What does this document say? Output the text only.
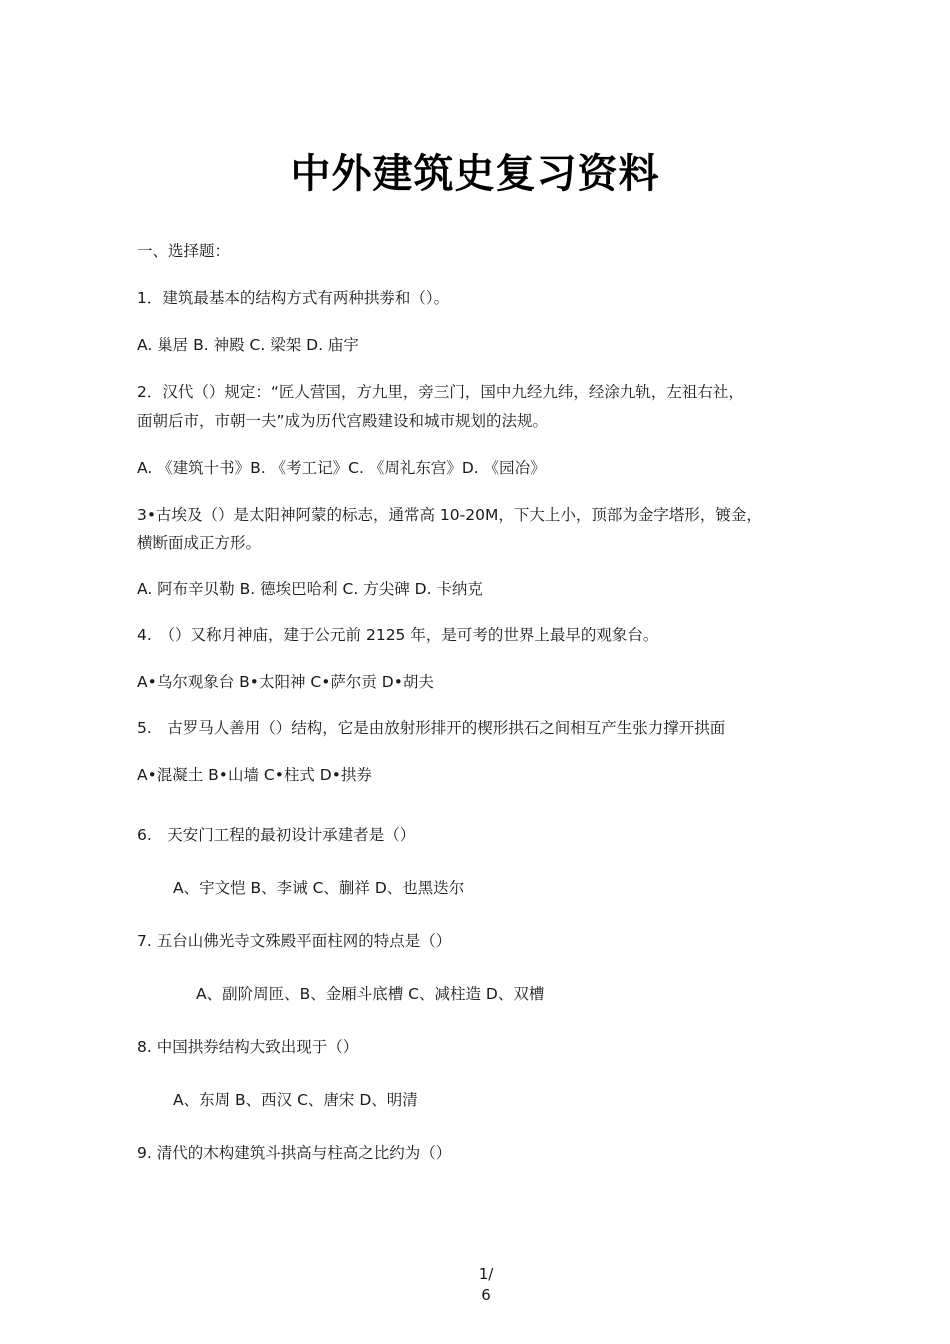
中外建筑史复习资料
一、选择题：
1．建筑最基本的结构方式有两种拱劵和（）。
A. 巢居 B. 神殿 C. 梁架 D. 庙宇
2．汉代（）规定：“匠人营国，方九里，旁三门，国中九经九纬，经涂九轨，左祖右社，
面朝后市，市朝一夫”成为历代宫殿建设和城市规划的法规。
A. 《建筑十书》B. 《考工记》C. 《周礼东宫》D. 《园冶》
3•古埃及（）是太阳神阿蒙的标志，通常高 10-20M，下大上小，顶部为金字塔形，镀金，
横断面成正方形。
A. 阿布辛贝勒 B. 德埃巴哈利 C. 方尖碑 D. 卡纳克
4.　（）又称月神庙，建于公元前 2125 年，是可考的世界上最早的观象台。
A•乌尔观象台 B•太阳神 C•萨尔贡 D•胡夫
5.　古罗马人善用（）结构，它是由放射形排开的楔形拱石之间相互产生张力撑开拱面
A•混凝土 B•山墙 C•柱式 D•拱券
6.　天安门工程的最初设计承建者是（）
A、宇文恺 B、李诫 C、蒯祥 D、也黑迭尔
7. 五台山佛光寺文殊殿平面柱网的特点是（）
A、副阶周匝、B、金厢斗底槽 C、减柱造 D、双槽
8. 中国拱券结构大致出现于（）
A、东周 B、西汉 C、唐宋 D、明清
9. 清代的木构建筑斗拱高与柱高之比约为（）
1/
6
